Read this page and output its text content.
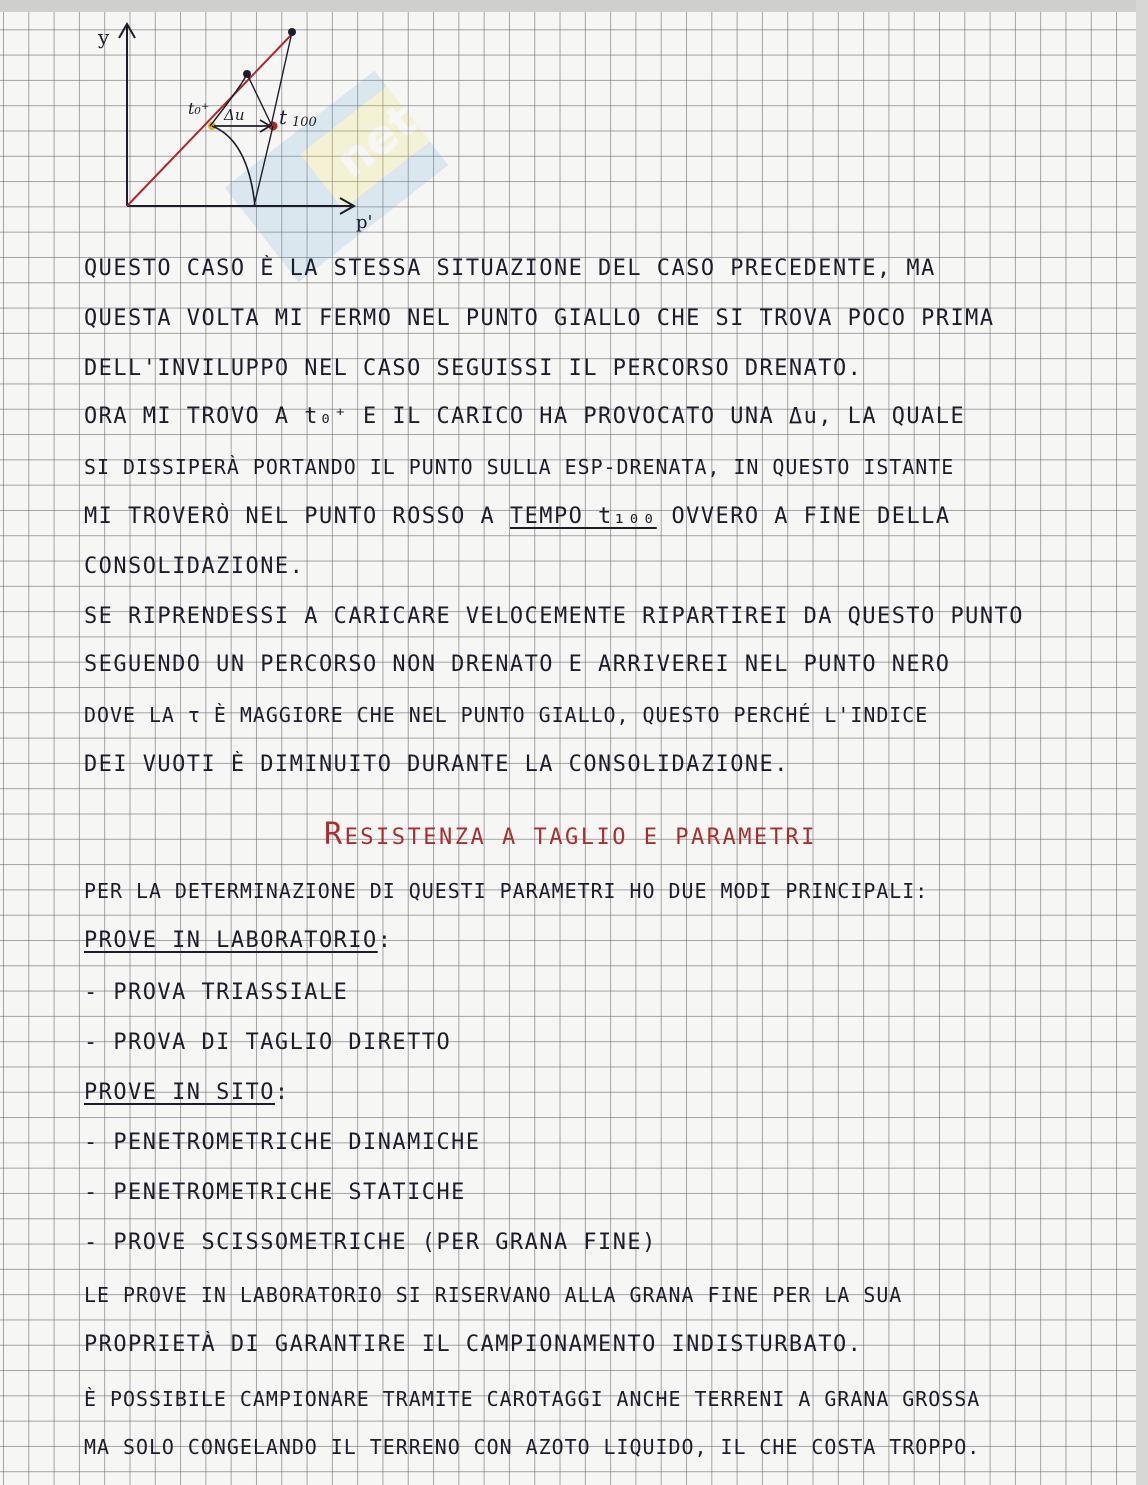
net
y
p'
t₀⁺ Δu t 100

QUESTO CASO È LA STESSA SITUAZIONE DEL CASO PRECEDENTE, MA

QUESTA VOLTA MI FERMO NEL PUNTO GIALLO CHE SI TROVA POCO PRIMA

DELL'INVILUPPO NEL CASO SEGUISSI IL PERCORSO DRENATO.

ORA MI TROVO A t₀⁺ E IL CARICO HA PROVOCATO UNA Δu, LA QUALE

SI DISSIPERÀ PORTANDO IL PUNTO SULLA ESP-DRENATA, IN QUESTO ISTANTE

MI TROVERÒ NEL PUNTO ROSSO A TEMPO t₁₀₀ OVVERO A FINE DELLA

CONSOLIDAZIONE.

SE RIPRENDESSI A CARICARE VELOCEMENTE RIPARTIREI DA QUESTO PUNTO

SEGUENDO UN PERCORSO NON DRENATO E ARRIVEREI NEL PUNTO NERO

DOVE LA τ È MAGGIORE CHE NEL PUNTO GIALLO, QUESTO PERCHÉ L'INDICE

DEI VUOTI È DIMINUITO DURANTE LA CONSOLIDAZIONE.

RESISTENZA A TAGLIO E PARAMETRI

PER LA DETERMINAZIONE DI QUESTI PARAMETRI HO DUE MODI PRINCIPALI:

PROVE IN LABORATORIO:

- PROVA TRIASSIALE

- PROVA DI TAGLIO DIRETTO

PROVE IN SITO:

- PENETROMETRICHE DINAMICHE

- PENETROMETRICHE STATICHE

- PROVE SCISSOMETRICHE (PER GRANA FINE)

LE PROVE IN LABORATORIO SI RISERVANO ALLA GRANA FINE PER LA SUA

PROPRIETÀ DI GARANTIRE IL CAMPIONAMENTO INDISTURBATO.

È POSSIBILE CAMPIONARE TRAMITE CAROTAGGI ANCHE TERRENI A GRANA GROSSA

MA SOLO CONGELANDO IL TERRENO CON AZOTO LIQUIDO, IL CHE COSTA TROPPO.
